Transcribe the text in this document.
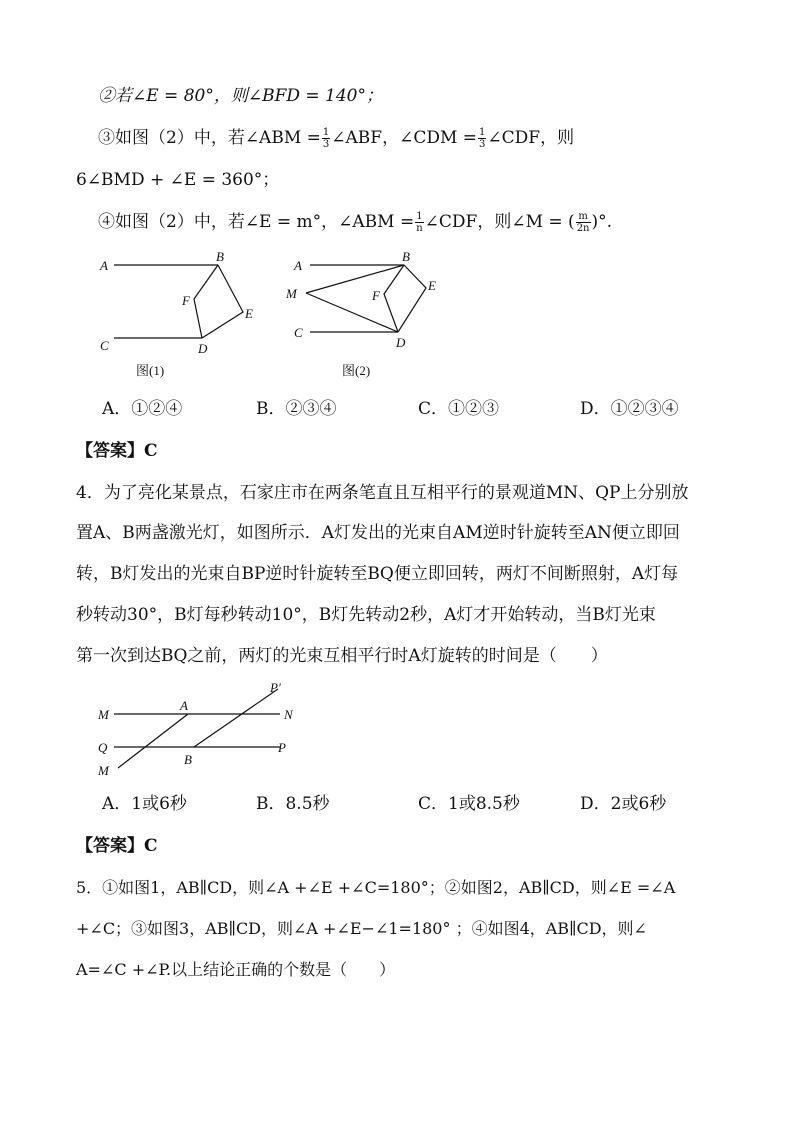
②若∠E = 80°，则∠BFD = 140°；
③如图（2）中，若∠ABM = $\frac{1}{3}$ ∠ABF，∠CDM = $\frac{1}{3}$ ∠CDF，则
6∠BMD + ∠E = 360°；
④如图（2）中，若∠E = m°，∠ABM = $\frac{1}{n}$ ∠CDF，则∠M = ( $\frac{m}{2n}$ )°.
A
B
F
E
C	D
图(1)
A
B
M	F
E
C
D
图(2)
A．①②④	B．②③④	C．①②③	D．①②③④
【答案】C
4．为了亮化某景点，石家庄市在两条笔直且互相平行的景观道MN、QP上分别放
置A、B两盏激光灯，如图所示．A灯发出的光束自AM逆时针旋转至AN便立即回
转，B灯发出的光束自BP逆时针旋转至BQ便立即回转，两灯不间断照射，A灯每
秒转动30°，B灯每秒转动10°，B灯先转动2秒，A灯才开始转动，当B灯光束
第一次到达BQ之前，两灯的光束互相平行时A灯旋转的时间是（　　）
M
A
P′
N
Q
B
P
M
A．1或6秒	B．8.5秒	C．1或8.5秒	D．2或6秒
【答案】C
5．①如图1，AB∥CD，则∠A +∠E +∠C=180°；②如图2，AB∥CD，则∠E =∠A
+∠C；③如图3，AB∥CD，则∠A +∠E−∠1=180° ；④如图4，AB∥CD，则∠
A=∠C +∠P.以上结论正确的个数是（　　）
